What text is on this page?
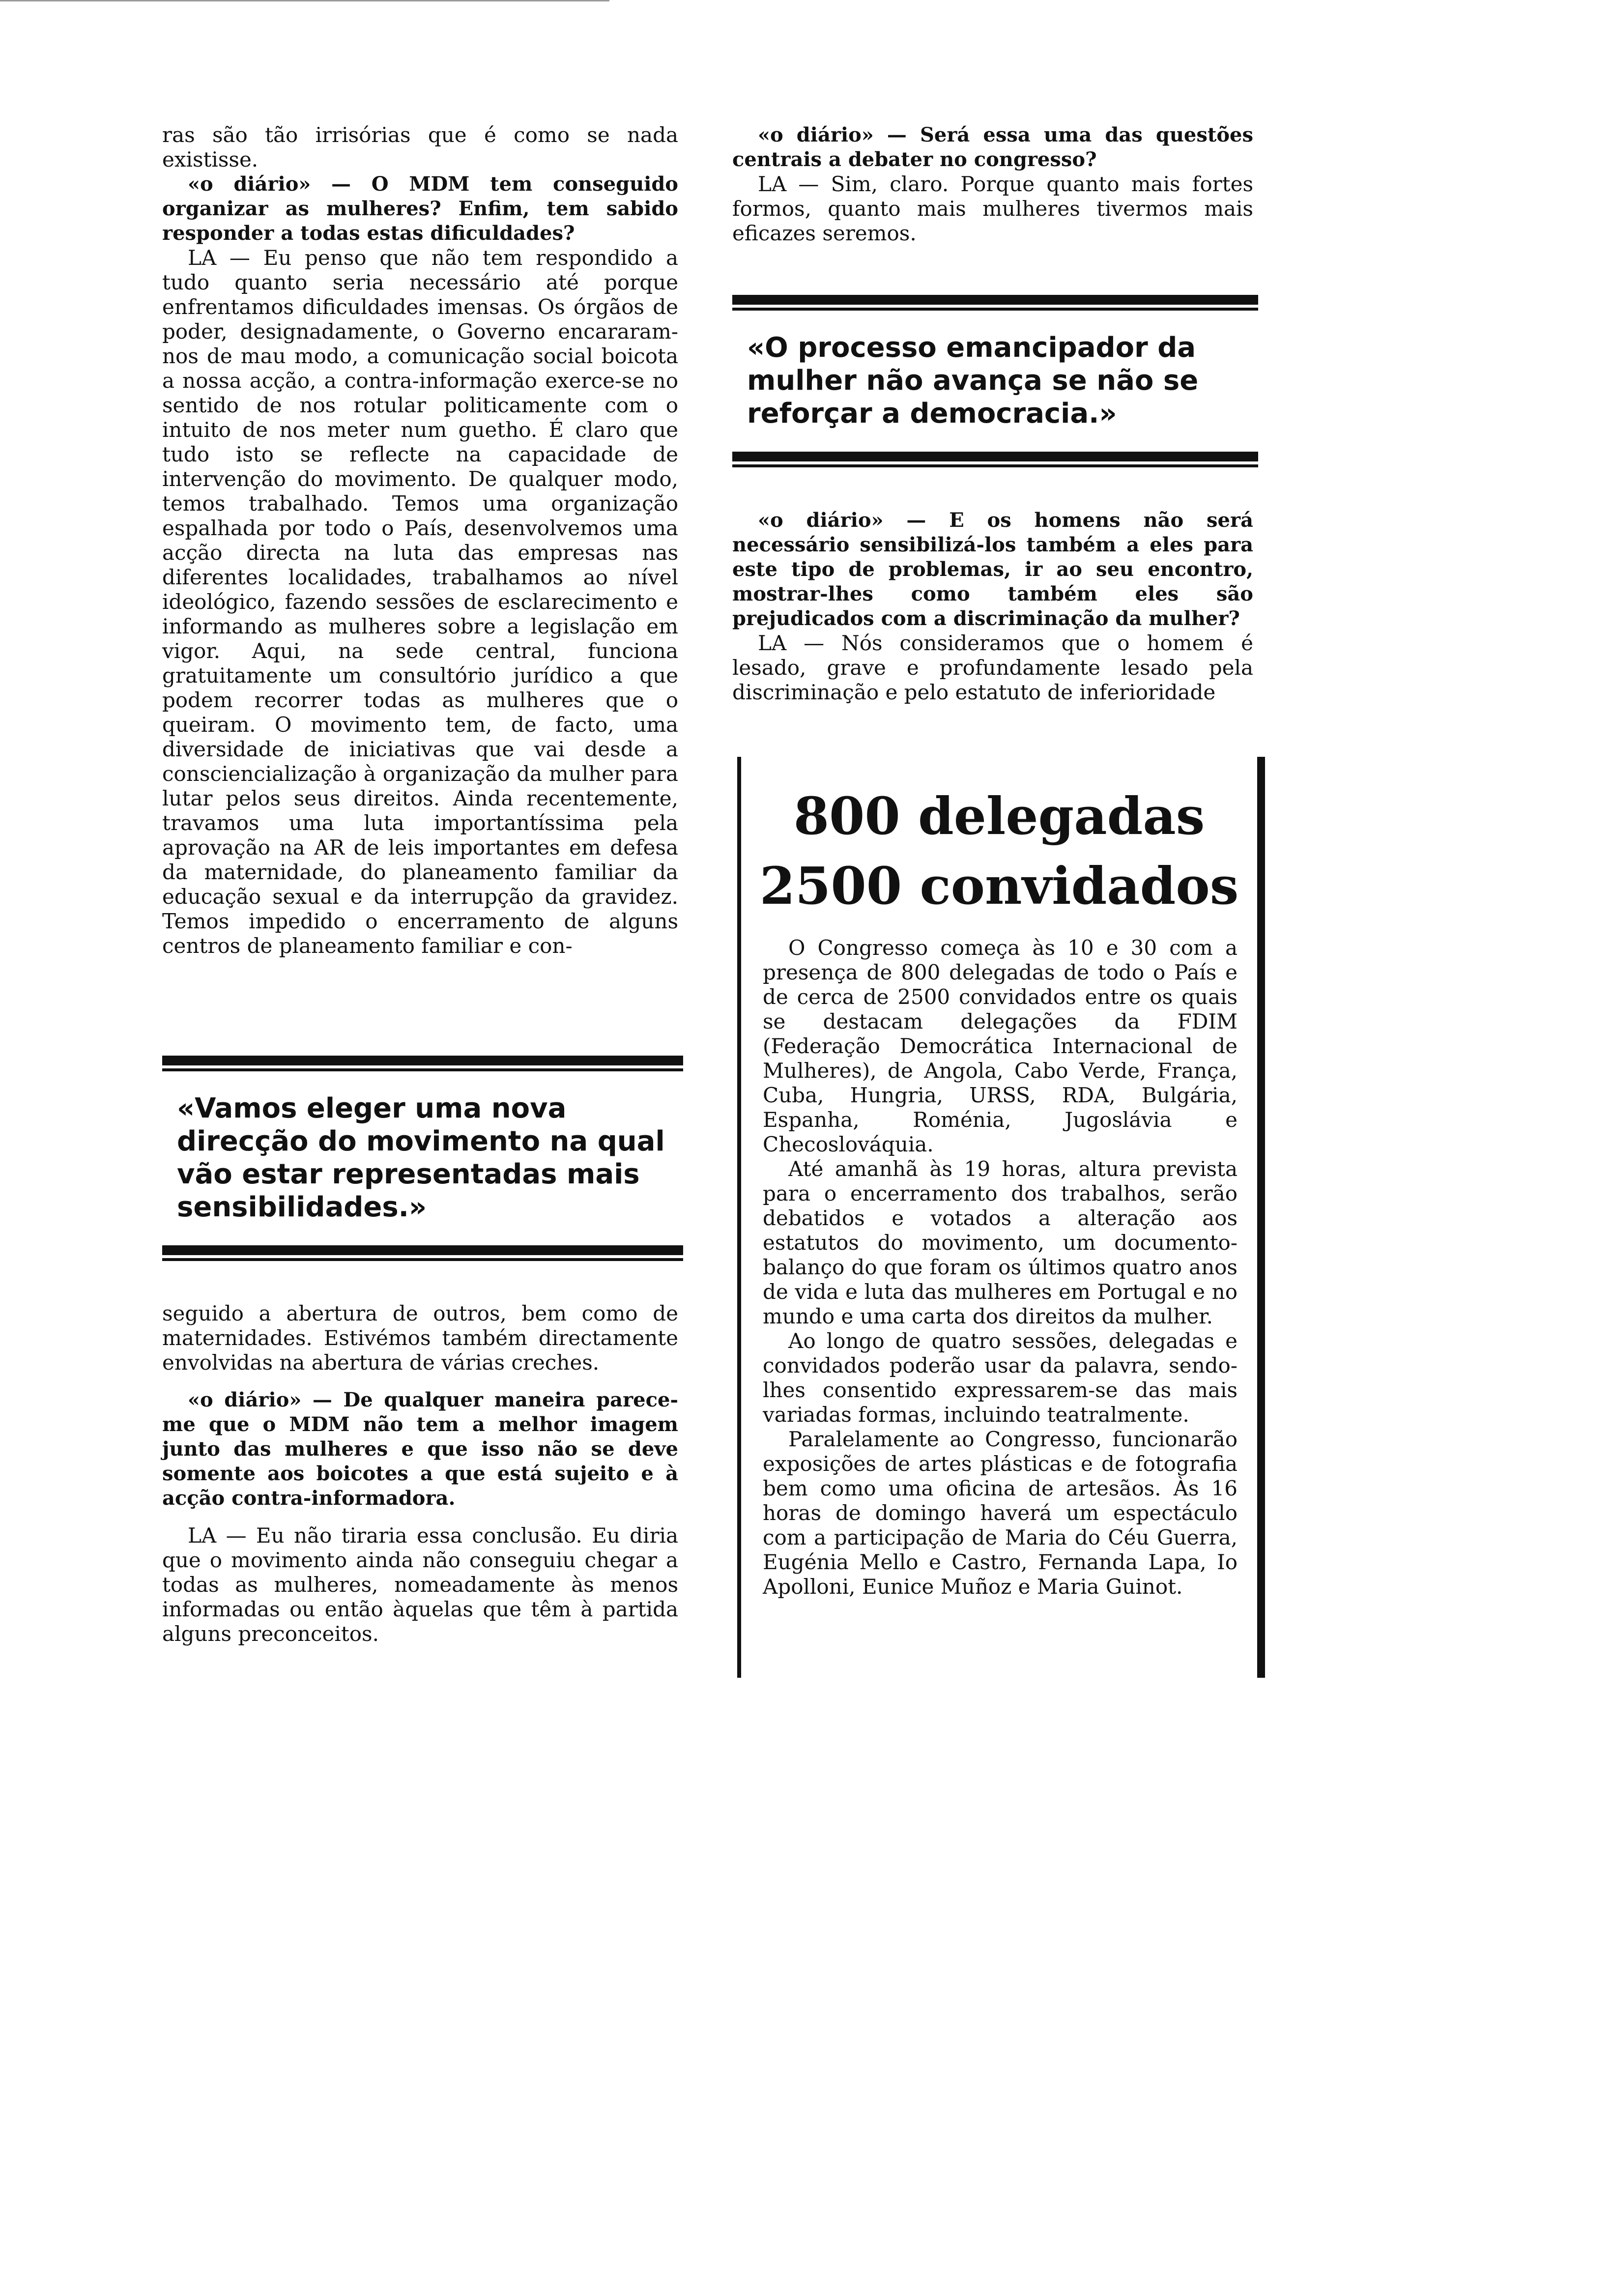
ras são tão irrisórias que é como se nada existisse.

«o diário» — O MDM tem conseguido organizar as mulheres? Enfim, tem sabido responder a todas estas dificuldades?

LA — Eu penso que não tem respondido a tudo quanto seria necessário até porque enfrentamos dificuldades imensas. Os órgãos de poder, designadamente, o Governo encararam-nos de mau modo, a comunicação social boicota a nossa acção, a contra-informação exerce-se no sentido de nos rotular politicamente com o intuito de nos meter num guetho. É claro que tudo isto se reflecte na capacidade de intervenção do movimento. De qualquer modo, temos trabalhado. Temos uma organização espalhada por todo o País, desenvolvemos uma acção directa na luta das empresas nas diferentes localidades, trabalhamos ao nível ideológico, fazendo sessões de esclarecimento e informando as mulheres sobre a legislação em vigor. Aqui, na sede central, funciona gratuitamente um consultório jurídico a que podem recorrer todas as mulheres que o queiram. O movimento tem, de facto, uma diversidade de iniciativas que vai desde a consciencialização à organização da mulher para lutar pelos seus direitos. Ainda recentemente, travamos uma luta importantíssima pela aprovação na AR de leis importantes em defesa da maternidade, do planeamento familiar da educação sexual e da interrupção da gravidez. Temos impedido o encerramento de alguns centros de planeamento familiar e con-

«Vamos eleger uma nova direcção do movimento na qual vão estar representadas mais sensibilidades.»

seguido a abertura de outros, bem como de maternidades. Estivémos também directamente envolvidas na abertura de várias creches.

«o diário» — De qualquer maneira parece-me que o MDM não tem a melhor imagem junto das mulheres e que isso não se deve somente aos boicotes a que está sujeito e à acção contra-informadora.

LA — Eu não tiraria essa conclusão. Eu diria que o movimento ainda não conseguiu chegar a todas as mulheres, nomeadamente às menos informadas ou então àquelas que têm à partida alguns preconceitos.

«o diário» — Será essa uma das questões centrais a debater no congresso?

LA — Sim, claro. Porque quanto mais fortes formos, quanto mais mulheres tivermos mais eficazes seremos.

«O processo emancipador da mulher não avança se não se reforçar a democracia.»

«o diário» — E os homens não será necessário sensibilizá-los também a eles para este tipo de problemas, ir ao seu encontro, mostrar-lhes como também eles são prejudicados com a discriminação da mulher?

LA — Nós consideramos que o homem é lesado, grave e profundamente lesado pela discriminação e pelo estatuto de inferioridade

800 delegadas
2500 convidados

O Congresso começa às 10 e 30 com a presença de 800 delegadas de todo o País e de cerca de 2500 convidados entre os quais se destacam delegações da FDIM (Federação Democrática Internacional de Mulheres), de Angola, Cabo Verde, França, Cuba, Hungria, URSS, RDA, Bulgária, Espanha, Roménia, Jugoslávia e Checoslováquia.

Até amanhã às 19 horas, altura prevista para o encerramento dos trabalhos, serão debatidos e votados a alteração aos estatutos do movimento, um documento-balanço do que foram os últimos quatro anos de vida e luta das mulheres em Portugal e no mundo e uma carta dos direitos da mulher.

Ao longo de quatro sessões, delegadas e convidados poderão usar da palavra, sendo-lhes consentido expressarem-se das mais variadas formas, incluindo teatralmente.

Paralelamente ao Congresso, funcionarão exposições de artes plásticas e de fotografia bem como uma oficina de artesãos. Às 16 horas de domingo haverá um espectáculo com a participação de Maria do Céu Guerra, Eugénia Mello e Castro, Fernanda Lapa, Io Apolloni, Eunice Muñoz e Maria Guinot.
